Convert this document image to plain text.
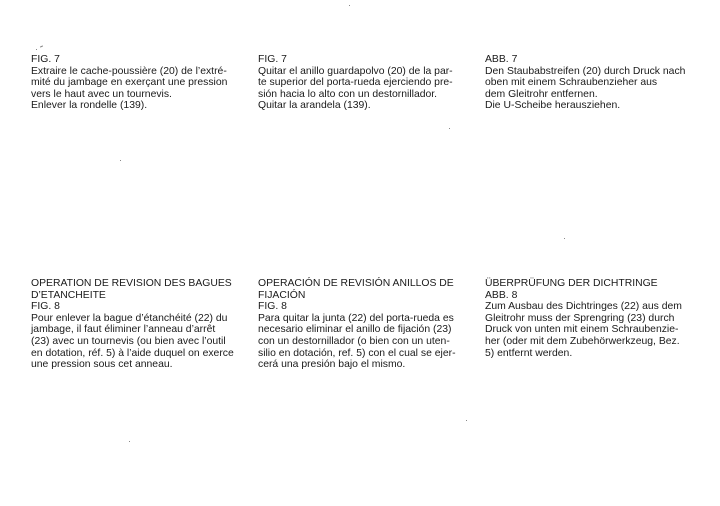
FIG. 7
Extraire le cache-poussière (20) de l’extré-
mité du jambage en exerçant une pression
vers le haut avec un tournevis.
Enlever la rondelle (139).
OPERATION DE REVISION DES BAGUES
D’ETANCHEITE
FIG. 8
Pour enlever la bague d’étanchéité (22) du
jambage, il faut éliminer l’anneau d’arrêt
(23) avec un tournevis (ou bien avec l’outil
en dotation, réf. 5) à l’aide duquel on exerce
une pression sous cet anneau.
FIG. 7
Quitar el anillo guardapolvo (20) de la par-
te superior del porta-rueda ejerciendo pre-
sión hacia lo alto con un destornillador.
Quitar la arandela (139).
OPERACIÓN DE REVISIÓN ANILLOS DE
FIJACIÓN
FIG. 8
Para quitar la junta (22) del porta-rueda es
necesario eliminar el anillo de fijación (23)
con un destornillador (o bien con un uten-
silio en dotación, ref. 5) con el cual se ejer-
cerá una presión bajo el mismo.
ABB. 7
Den Staubabstreifen (20) durch Druck nach
oben mit einem Schraubenzieher aus
dem Gleitrohr entfernen.
Die U-Scheibe herausziehen.
ÜBERPRÜFUNG DER DICHTRINGE
ABB. 8
Zum Ausbau des Dichtringes (22) aus dem
Gleitrohr muss der Sprengring (23) durch
Druck von unten mit einem Schraubenzie-
her (oder mit dem Zubehörwerkzeug, Bez.
5) entfernt werden.
